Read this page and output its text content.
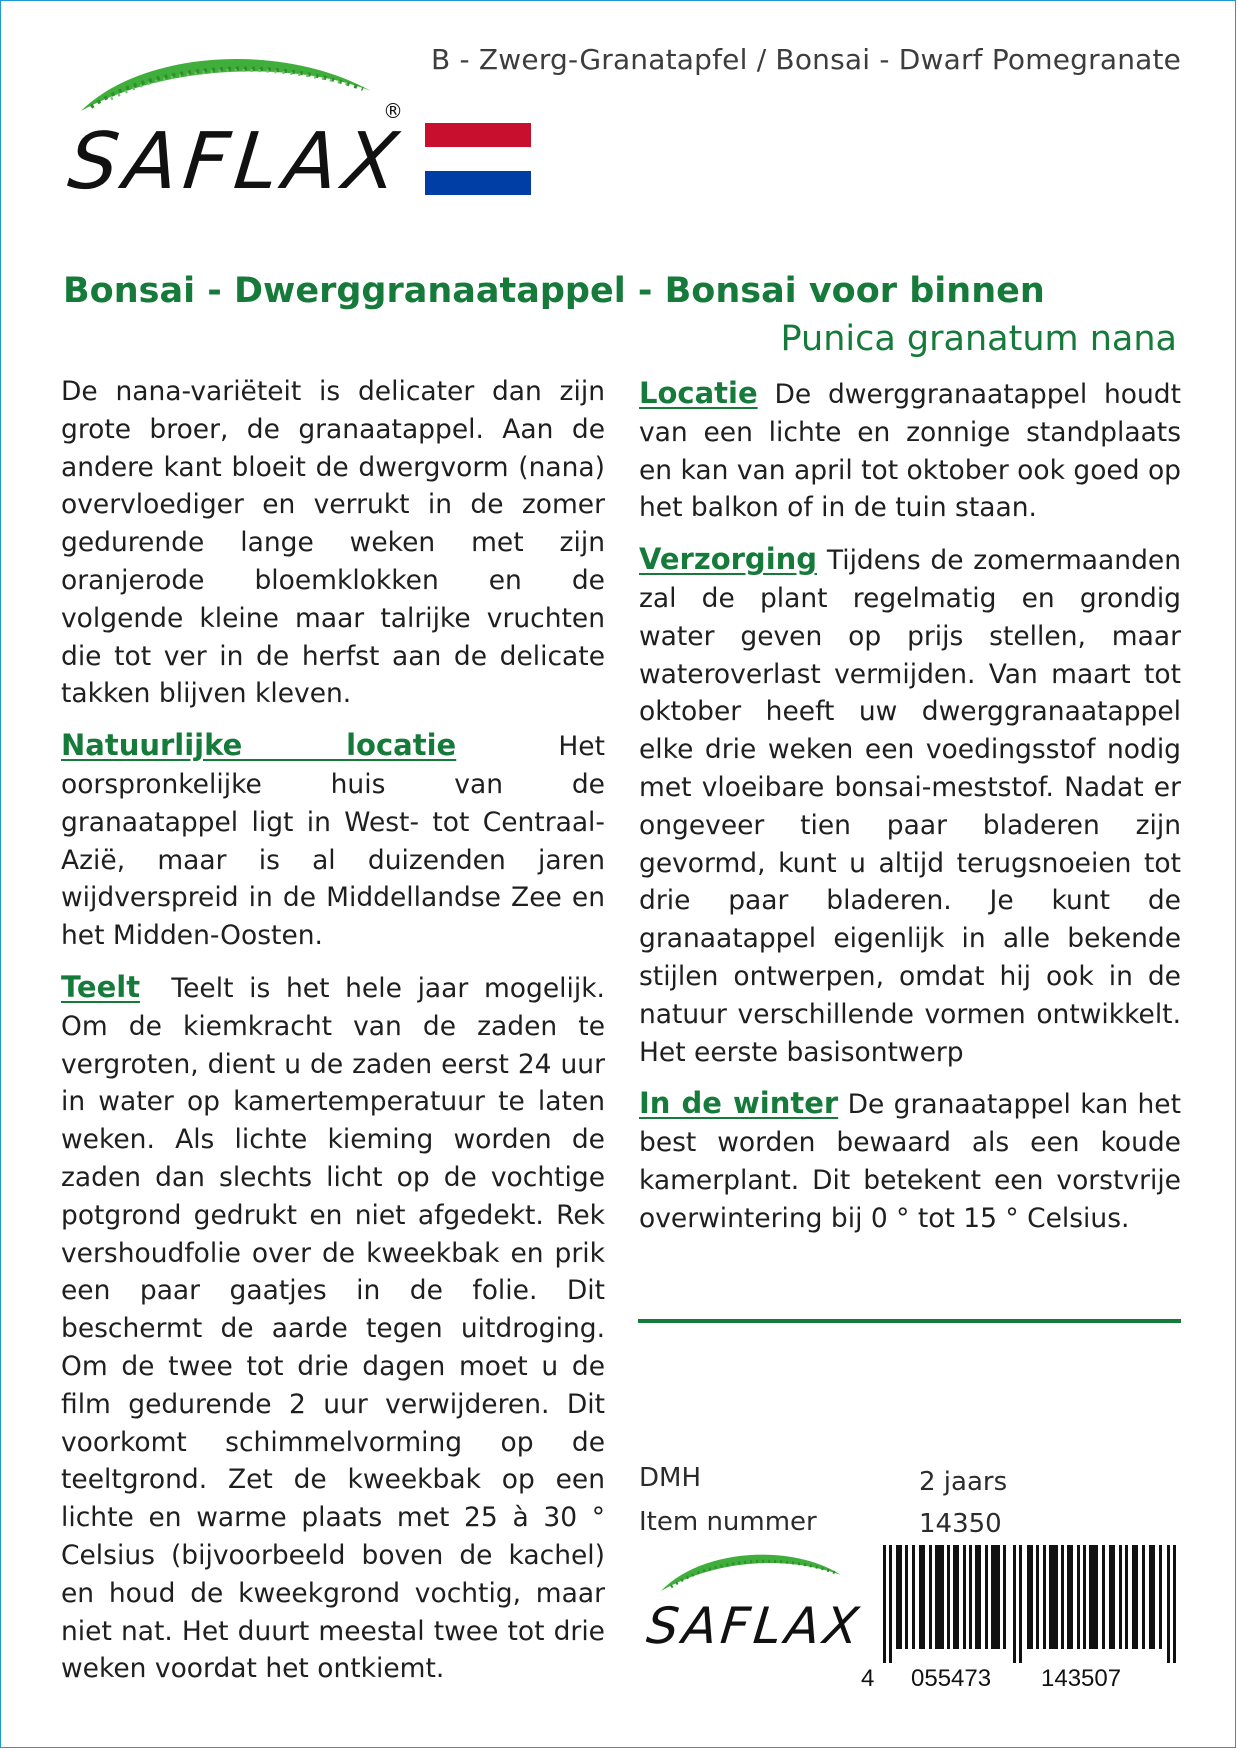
SAFLAX
®
B - Zwerg-Granatapfel / Bonsai - Dwarf Pomegranate
Bonsai - Dwerggranaatappel - Bonsai voor binnen
Punica granatum nana

De nana-variëteit is delicater dan zijn grote broer, de granaatappel. Aan de andere kant bloeit de dwergvorm (nana) overvloediger en verrukt in de zomer gedurende lange weken met zijn oranjerode bloemklokken en de volgende kleine maar talrijke vruchten die tot ver in de herfst aan de delicate takken blijven kleven.

Natuurlijke locatie	Het oorspronkelijke huis van de granaatappel ligt in West- tot Centraal-Azië, maar is al duizenden jaren wijdverspreid in de Middellandse Zee en het Midden-Oosten.

Teelt Teelt is het hele jaar mogelijk. Om de kiemkracht van de zaden te vergroten, dient u de zaden eerst 24 uur in water op kamertemperatuur te laten weken. Als lichte kieming worden de zaden dan slechts licht op de vochtige potgrond gedrukt en niet afgedekt. Rek vershoudfolie over de kweekbak en prik een paar gaatjes in de folie. Dit beschermt de aarde tegen uitdroging. Om de twee tot drie dagen moet u de film gedurende 2 uur verwijderen. Dit voorkomt schimmelvorming op de teeltgrond. Zet de kweekbak op een lichte en warme plaats met 25 à 30 ° Celsius (bijvoorbeeld boven de kachel) en houd de kweekgrond vochtig, maar niet nat. Het duurt meestal twee tot drie weken voordat het ontkiemt.

Locatie De dwerggranaatappel houdt van een lichte en zonnige standplaats en kan van april tot oktober ook goed op het balkon of in de tuin staan.

Verzorging Tijdens de zomermaanden zal de plant regelmatig en grondig water geven op prijs stellen, maar wateroverlast vermijden. Van maart tot oktober heeft uw dwerggranaatappel elke drie weken een voedingsstof nodig met vloeibare bonsai-meststof. Nadat er ongeveer tien paar bladeren zijn gevormd, kunt u altijd terugsnoeien tot drie paar bladeren. Je kunt de granaatappel eigenlijk in alle bekende stijlen ontwerpen, omdat hij ook in de natuur verschillende vormen ontwikkelt. Het eerste basisontwerp

In de winter De granaatappel kan het best worden bewaard als een koude kamerplant. Dit betekent een vorstvrije overwintering bij 0 ° tot 15 ° Celsius.

DMH	2 jaars
Item nummer	14350
SAFLAX
4 055473 143507
